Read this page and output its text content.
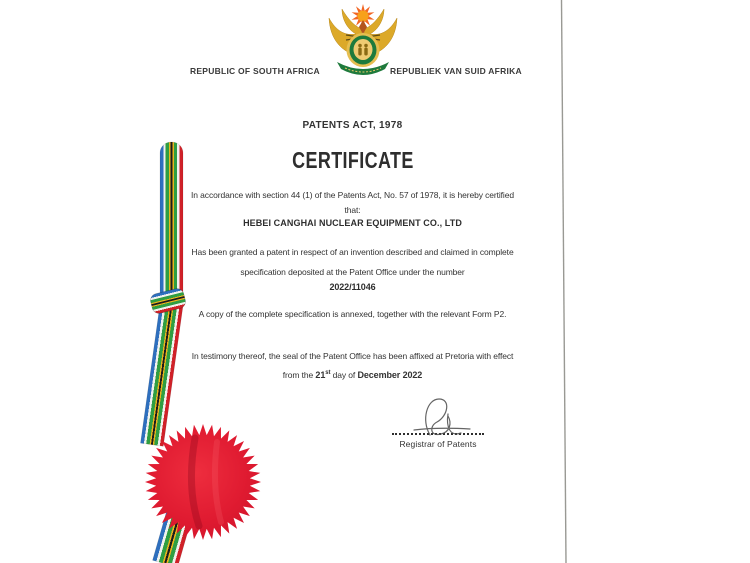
REPUBLIC OF SOUTH AFRICA	REPUBLIEK VAN SUID AFRIKA
PATENTS ACT, 1978
CERTIFICATE
In accordance with section 44 (1) of the Patents Act, No. 57 of 1978, it is hereby certified
that:
HEBEI CANGHAI NUCLEAR EQUIPMENT CO., LTD
Has been granted a patent in respect of an invention described and claimed in complete
specification deposited at the Patent Office under the number
2022/11046
A copy of the complete specification is annexed, together with the relevant Form P2.
In testimony thereof, the seal of the Patent Office has been affixed at Pretoria with effect
from the 21st day of December 2022
Registrar of Patents
